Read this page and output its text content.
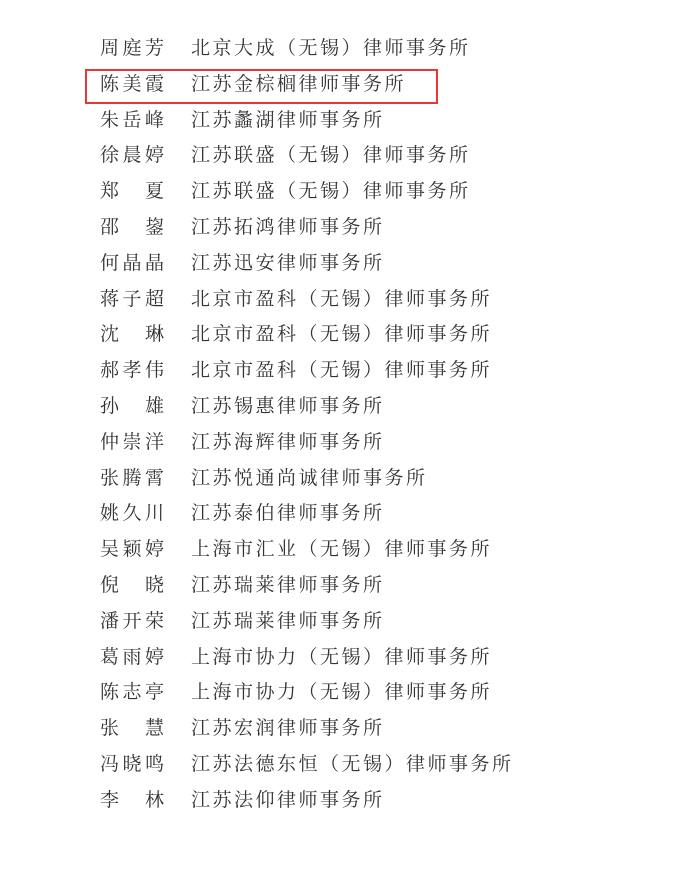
周庭芳 北京大成（无锡）律师事务所
陈美霞 江苏金棕榈律师事务所
朱岳峰 江苏蠡湖律师事务所
徐晨婷 江苏联盛（无锡）律师事务所
郑　夏 江苏联盛（无锡）律师事务所
邵　鋆 江苏拓鸿律师事务所
何晶晶 江苏迅安律师事务所
蒋子超 北京市盈科（无锡）律师事务所
沈　琳 北京市盈科（无锡）律师事务所
郝孝伟 北京市盈科（无锡）律师事务所
孙　雄 江苏锡惠律师事务所
仲崇洋 江苏海辉律师事务所
张腾霄 江苏悦通尚诚律师事务所
姚久川 江苏泰伯律师事务所
吴颖婷 上海市汇业（无锡）律师事务所
倪　晓 江苏瑞莱律师事务所
潘开荣 江苏瑞莱律师事务所
葛雨婷 上海市协力（无锡）律师事务所
陈志亭 上海市协力（无锡）律师事务所
张　慧 江苏宏润律师事务所
冯晓鸣 江苏法德东恒（无锡）律师事务所
李　林 江苏法仰律师事务所
